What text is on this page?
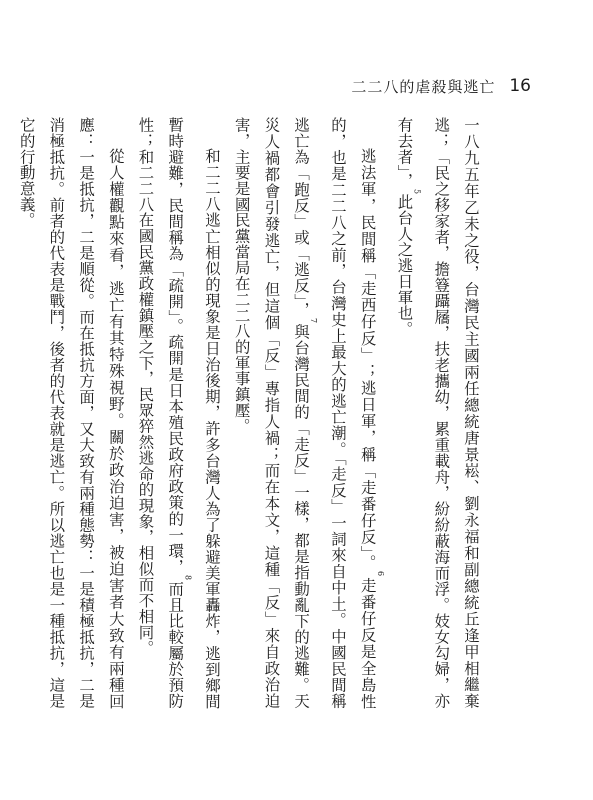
二二八的虐殺與逃亡 16

一八九五年乙未之役，台灣民主國兩任總統唐景崧、劉永福和副總統丘逢甲相繼棄逃；「民之移家者，擔簦躡屩，扶老攜幼，累重載舟，紛紛蔽海而浮。妓女勾婦，亦有去者」，$^5$此台人之逃日軍也。

逃法軍，民間稱「走西仔反」；逃日軍，稱「走番仔反」。$^6$走番仔反是全島性的，也是二二八之前，台灣史上最大的逃亡潮。「走反」一詞來自中土。中國民間稱逃亡為「跑反」或「逃反」，$^7$與台灣民間的「走反」一樣，都是指動亂下的逃難。天災人禍都會引發逃亡，但這個「反」專指人禍；而在本文，這種「反」來自政治迫害，主要是國民黨當局在二二八的軍事鎮壓。

和二二八逃亡相似的現象是日治後期，許多台灣人為了躲避美軍轟炸，逃到鄉間暫時避難，民間稱為「疏開」。疏開是日本殖民政府政策的一環，$^8$而且比較屬於預防性；和二二八在國民黨政權鎮壓之下，民眾猝然逃命的現象，相似而不相同。

從人權觀點來看，逃亡有其特殊視野。關於政治迫害，被迫害者大致有兩種回應：一是抵抗，二是順從。而在抵抗方面，又大致有兩種態勢：一是積極抵抗，二是消極抵抗。前者的代表是戰鬥，後者的代表就是逃亡。所以逃亡也是一種抵抗，這是它的行動意義。
